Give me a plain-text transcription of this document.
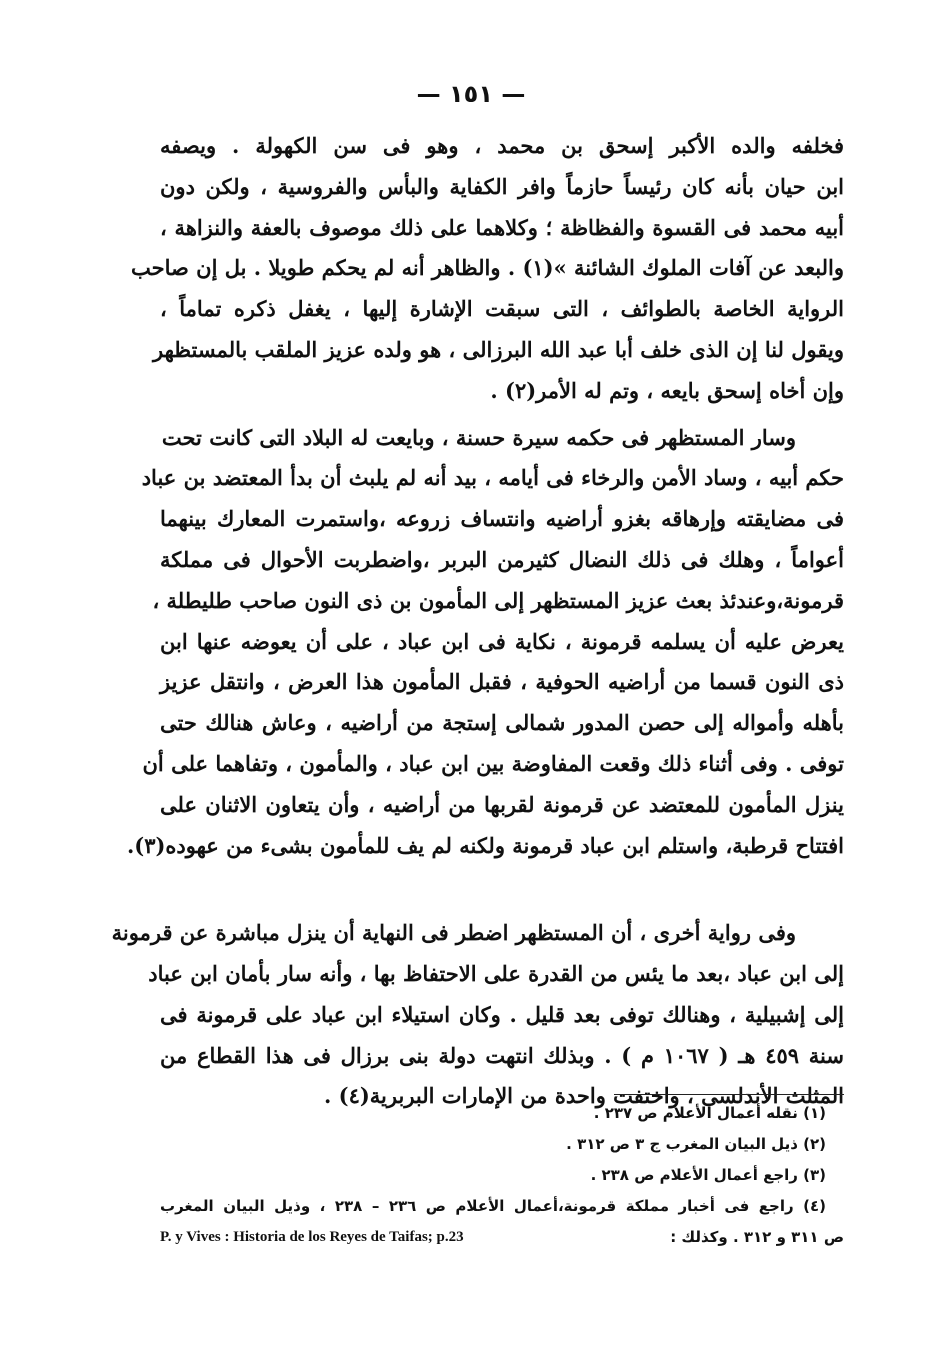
— ١٥١ —
فخلفه والده الأكبر إسحق بن محمد ، وهو فى سن الكهولة . ويصفه
ابن حيان بأنه كان رئيساً حازماً وافر الكفاية والبأس والفروسية ، ولكن دون
أبيه محمد فى القسوة والفظاظة ؛ وكلاهما على ذلك موصوف بالعفة والنزاهة ،
والبعد عن آفات الملوك الشائنة »(١) . والظاهر أنه لم يحكم طويلا . بل إن صاحب
الرواية الخاصة بالطوائف ، التى سبقت الإشارة إليها ، يغفل ذكره تماماً ،
ويقول لنا إن الذى خلف أبا عبد الله البرزالى ، هو ولده عزيز الملقب بالمستظهر
وإن أخاه إسحق بايعه ، وتم له الأمر(٢) .
وسار المستظهر فى حكمه سيرة حسنة ، وبايعت له البلاد التى كانت تحت
حكم أبيه ، وساد الأمن والرخاء فى أيامه ، بيد أنه لم يلبث أن بدأ المعتضد بن عباد
فى مضايقته وإرهاقه بغزو أراضيه وانتساف زروعه ،واستمرت المعارك بينهما
أعواماً ، وهلك فى ذلك النضال كثيرمن البربر ،واضطربت الأحوال فى مملكة
قرمونة،وعندئذ بعث عزيز المستظهر إلى المأمون بن ذى النون صاحب طليطلة ،
يعرض عليه أن يسلمه قرمونة ، نكاية فى ابن عباد ، على أن يعوضه عنها ابن
ذى النون قسما من أراضيه الحوفية ، فقبل المأمون هذا العرض ، وانتقل عزيز
بأهله وأمواله إلى حصن المدور شمالى إستجة من أراضيه ، وعاش هنالك حتى
توفى . وفى أثناء ذلك وقعت المفاوضة بين ابن عباد ، والمأمون ، وتفاهما على أن
ينزل المأمون للمعتضد عن قرمونة لقربها من أراضيه ، وأن يتعاون الاثنان على
افتتاح قرطبة، واستلم ابن عباد قرمونة ولكنه لم يف للمأمون بشىء من عهوده(٣).
وفى رواية أخرى ، أن المستظهر اضطر فى النهاية أن ينزل مباشرة عن قرمونة
إلى ابن عباد ،بعد ما يئس من القدرة على الاحتفاظ بها ، وأنه سار بأمان ابن عباد
إلى إشبيلية ، وهنالك توفى بعد قليل . وكان استيلاء ابن عباد على قرمونة فى
سنة ٤٥٩ هـ ( ١٠٦٧ م ) . وبذلك انتهت دولة بنى برزال فى هذا القطاع من
المثلث الأندلسى ، واختفت واحدة من الإمارات البربرية(٤) .
(١) نقله أعمال الأعلام ص ٢٣٧ .
(٢) ذيل البيان المغرب ج ٣ ص ٣١٢ .
(٣) راجع أعمال الأعلام ص ٢٣٨ .
(٤) راجع فى أخبار مملكة قرمونة،أعمال الأعلام ص ٢٣٦ – ٢٣٨ ، وذيل البيان المغرب
P. y Vives : Historia de los Reyes de Taifas; p.23	ص ٣١١ و ٣١٢ . وكذلك :
